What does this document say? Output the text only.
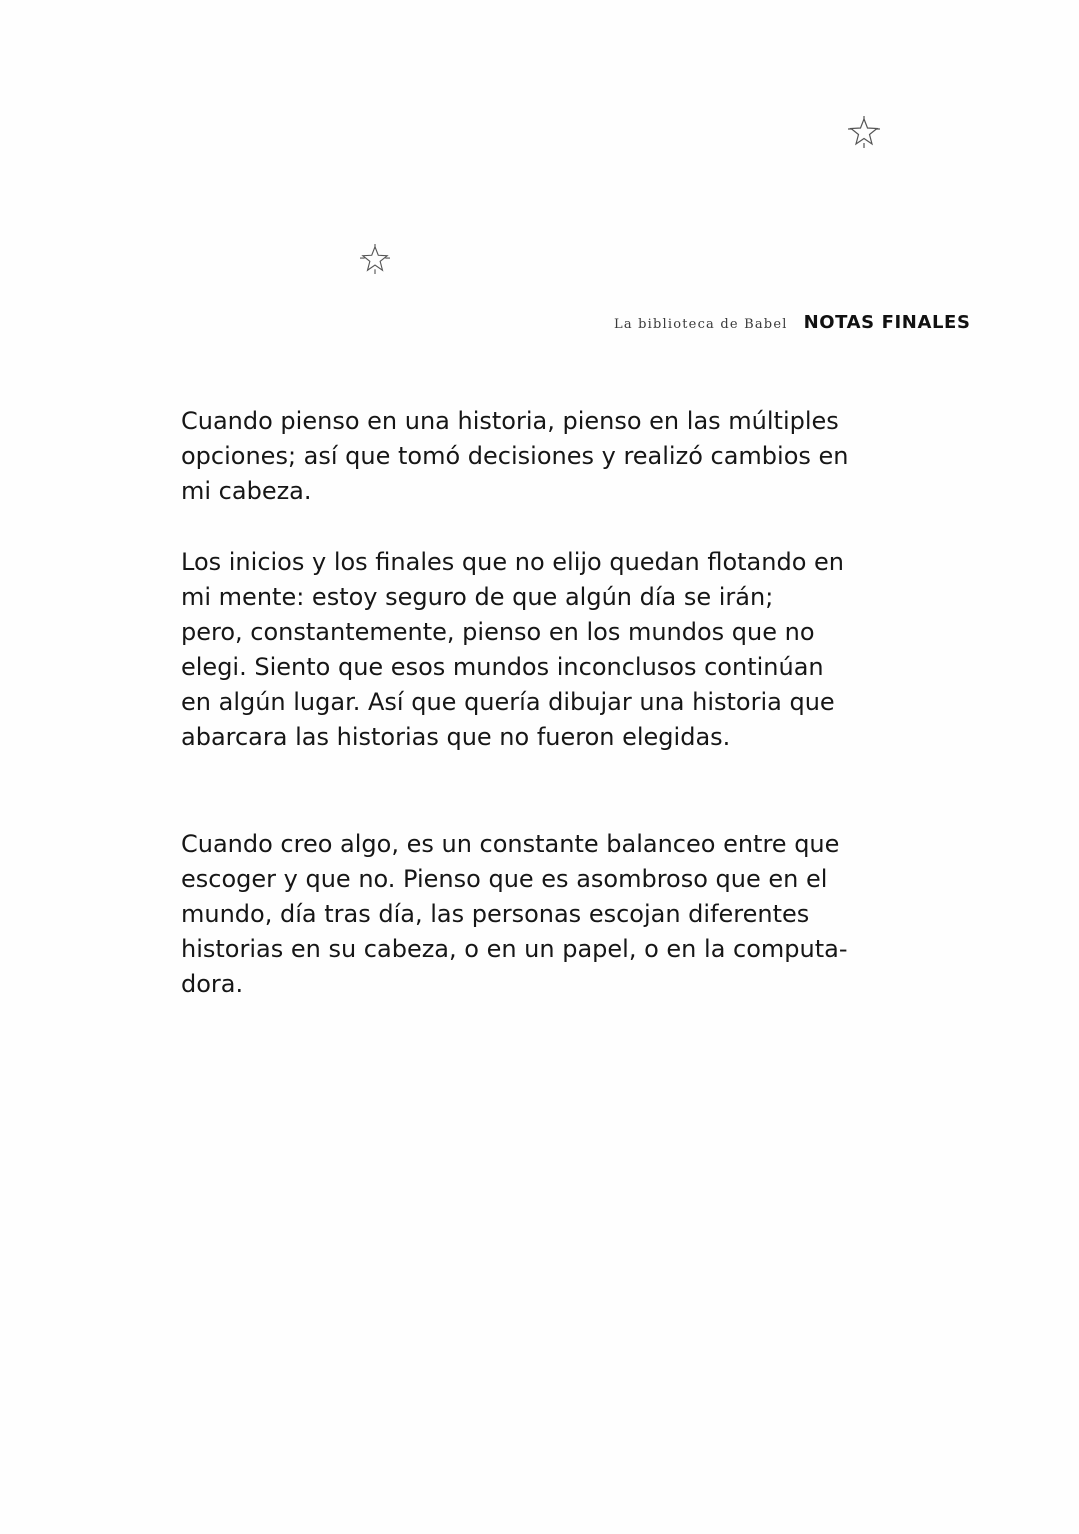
La biblioteca de Babel NOTAS FINALES

Cuando pienso en una historia, pienso en las múltiples
opciones; así que tomó decisiones y realizó cambios en
mi cabeza.

Los inicios y los finales que no elijo quedan flotando en
mi mente: estoy seguro de que algún día se irán;
pero, constantemente, pienso en los mundos que no
elegi. Siento que esos mundos inconclusos continúan
en algún lugar. Así que quería dibujar una historia que
abarcara las historias que no fueron elegidas.

Cuando creo algo, es un constante balanceo entre que
escoger y que no. Pienso que es asombroso que en el
mundo, día tras día, las personas escojan diferentes
historias en su cabeza, o en un papel, o en la computa-
dora.
